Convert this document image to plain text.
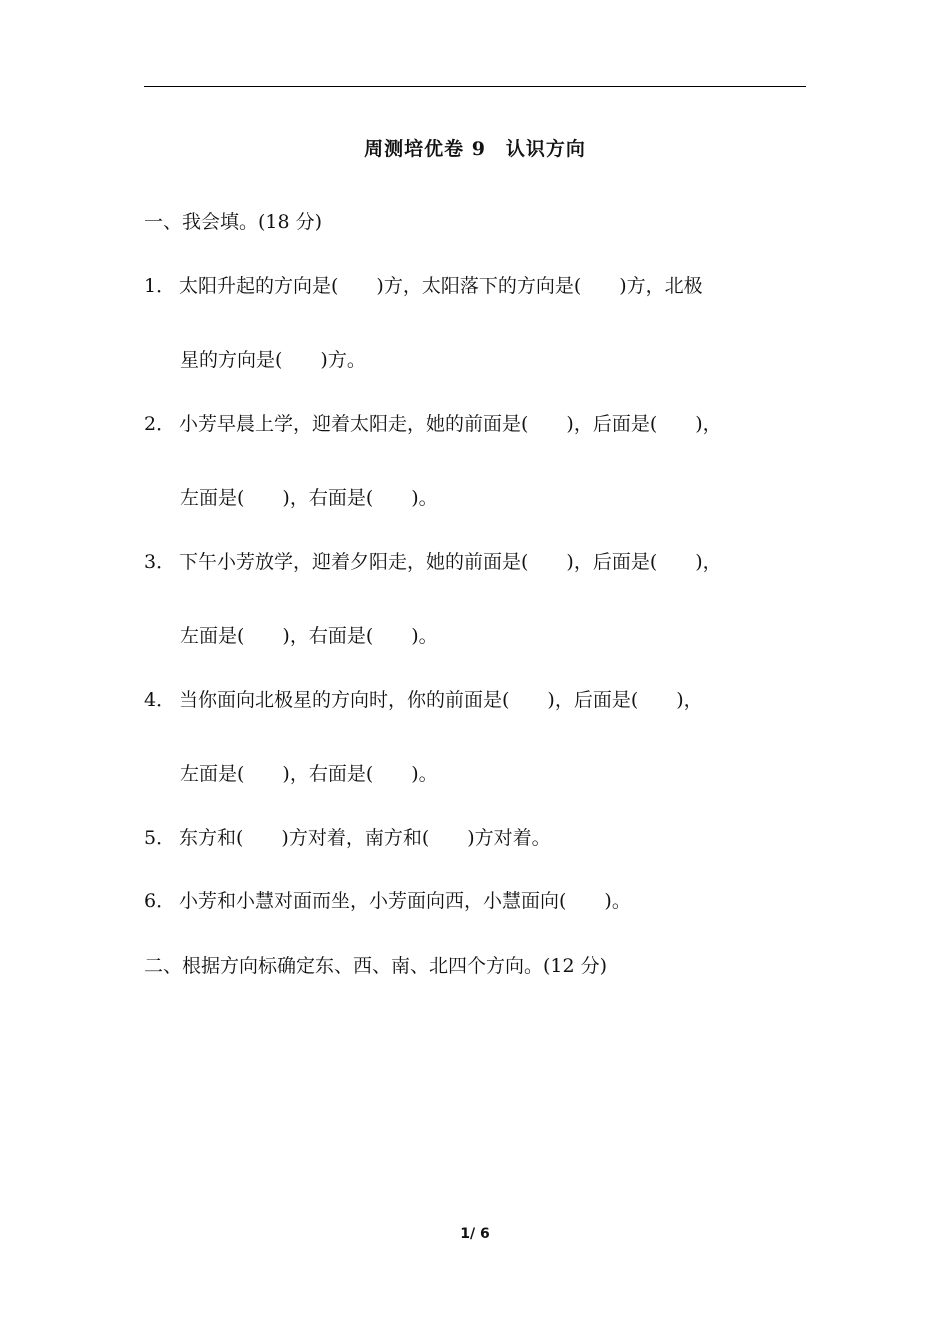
周测培优卷 9　认识方向
一、我会填。(18 分)
1． 太阳升起的方向是(　　)方，太阳落下的方向是(　　)方，北极
星的方向是(　　)方。
2． 小芳早晨上学，迎着太阳走，她的前面是(　　)，后面是(　　)，
左面是(　　)，右面是(　　)。
3． 下午小芳放学，迎着夕阳走，她的前面是(　　)，后面是(　　)，
左面是(　　)，右面是(　　)。
4． 当你面向北极星的方向时，你的前面是(　　)，后面是(　　)，
左面是(　　)，右面是(　　)。
5． 东方和(　　)方对着，南方和(　　)方对着。
6． 小芳和小慧对面而坐，小芳面向西，小慧面向(　　)。
二、根据方向标确定东、西、南、北四个方向。(12 分)
1/ 6
